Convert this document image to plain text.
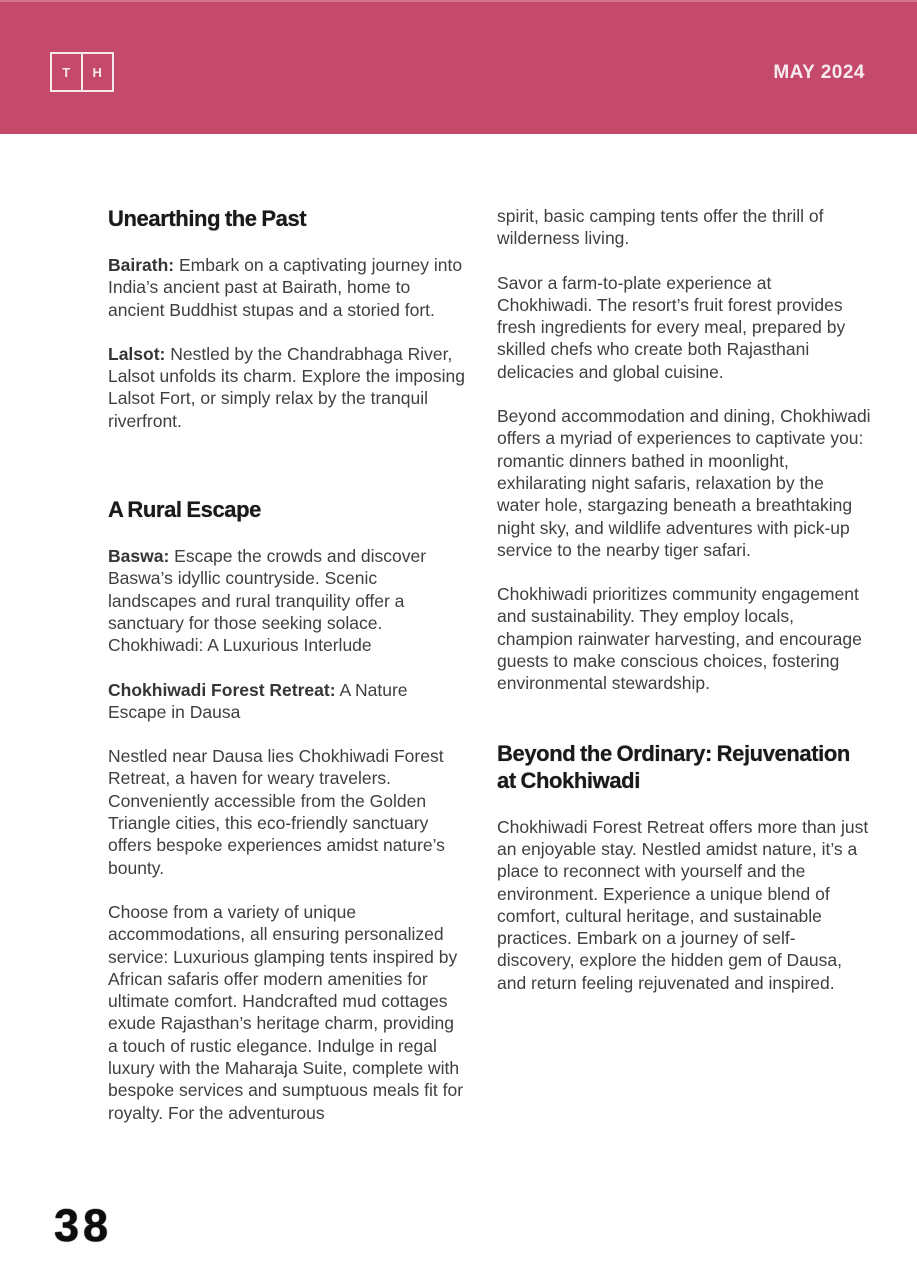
T	H	MAY 2024
Unearthing the Past

Bairath: Embark on a captivating journey into India’s ancient past at Bairath, home to ancient Buddhist stupas and a storied fort.

Lalsot: Nestled by the Chandrabhaga River, Lalsot unfolds its charm. Explore the imposing Lalsot Fort, or simply relax by the tranquil riverfront.

A Rural Escape

Baswa: Escape the crowds and discover Baswa’s idyllic countryside. Scenic landscapes and rural tranquility offer a sanctuary for those seeking solace. Chokhiwadi: A Luxurious Interlude

Chokhiwadi Forest Retreat: A Nature Escape in Dausa

Nestled near Dausa lies Chokhiwadi Forest Retreat, a haven for weary travelers. Conveniently accessible from the Golden Triangle cities, this eco-friendly sanctuary offers bespoke experiences amidst nature’s bounty.

Choose from a variety of unique accommodations, all ensuring personalized service: Luxurious glamping tents inspired by African safaris offer modern amenities for ultimate comfort. Handcrafted mud cottages exude Rajasthan’s heritage charm, providing a touch of rustic elegance. Indulge in regal luxury with the Maharaja Suite, complete with bespoke services and sumptuous meals fit for royalty. For the adventurous

spirit, basic camping tents offer the thrill of wilderness living.

Savor a farm-to-plate experience at Chokhiwadi. The resort’s fruit forest provides fresh ingredients for every meal, prepared by skilled chefs who create both Rajasthani delicacies and global cuisine.

Beyond accommodation and dining, Chokhiwadi offers a myriad of experiences to captivate you: romantic dinners bathed in moonlight, exhilarating night safaris, relaxation by the water hole, stargazing beneath a breathtaking night sky, and wildlife adventures with pick-up service to the nearby tiger safari.

Chokhiwadi prioritizes community engagement and sustainability. They employ locals, champion rainwater harvesting, and encourage guests to make conscious choices, fostering environmental stewardship.

Beyond the Ordinary: Rejuvenation at Chokhiwadi

Chokhiwadi Forest Retreat offers more than just an enjoyable stay. Nestled amidst nature, it’s a place to reconnect with yourself and the environment. Experience a unique blend of comfort, cultural heritage, and sustainable practices. Embark on a journey of self-discovery, explore the hidden gem of Dausa, and return feeling rejuvenated and inspired.

38
